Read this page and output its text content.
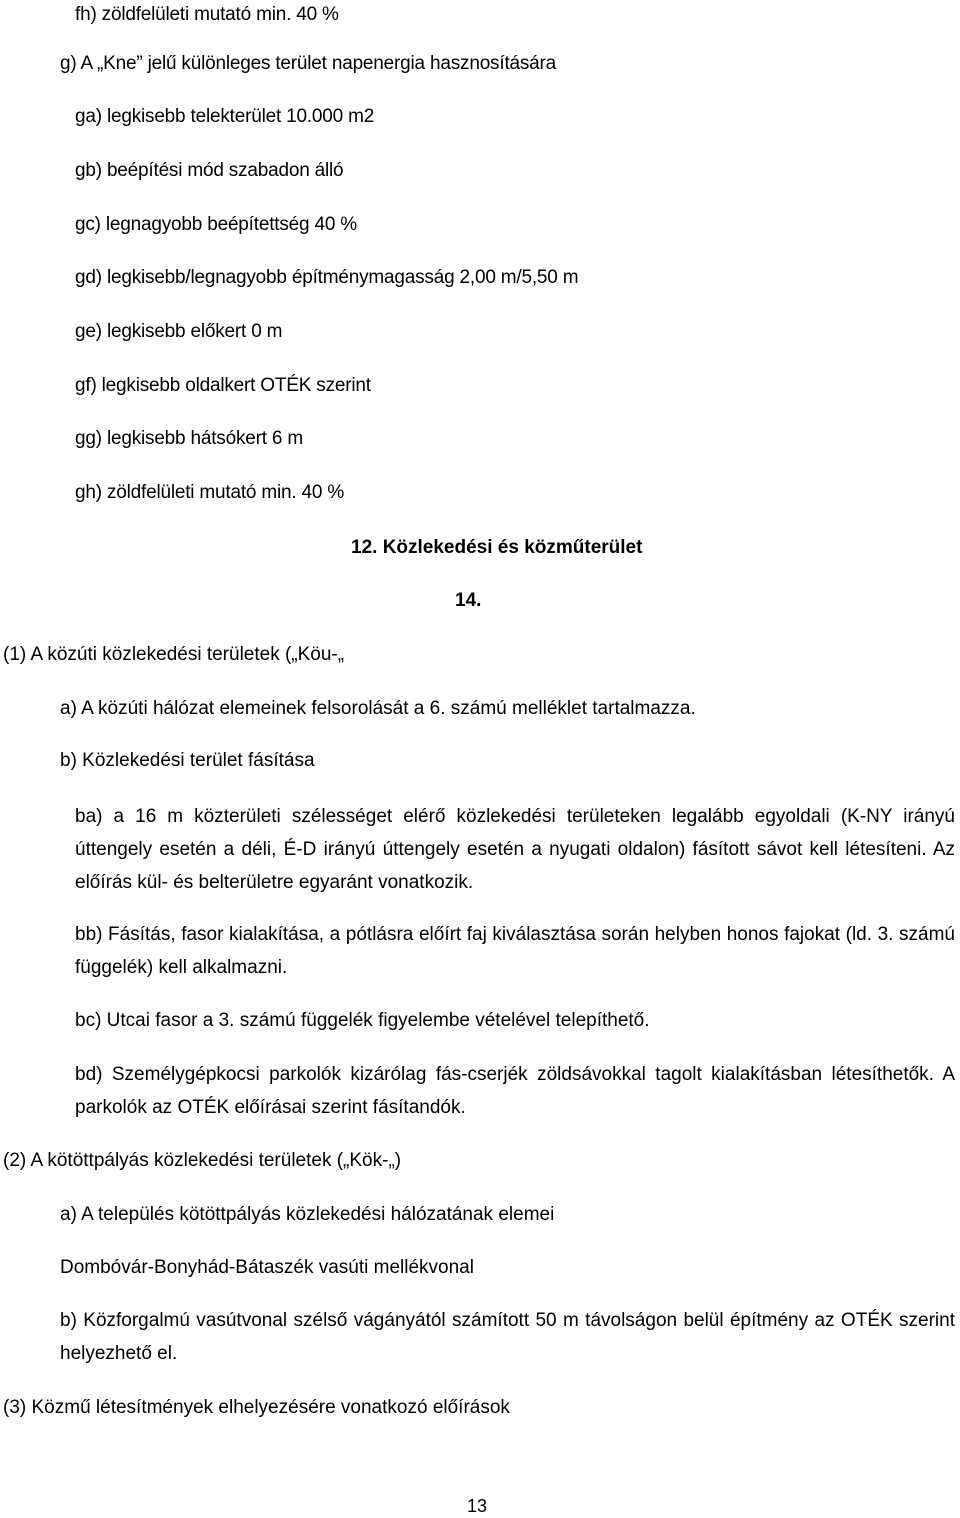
fh) zöldfelületi mutató min. 40 %

g) A „Kne” jelű különleges terület napenergia hasznosítására

ga) legkisebb telekterület 10.000 m2

gb) beépítési mód szabadon álló

gc) legnagyobb beépítettség 40 %

gd) legkisebb/legnagyobb építménymagasság 2,00 m/5,50 m

ge) legkisebb előkert 0 m

gf) legkisebb oldalkert OTÉK szerint

gg) legkisebb hátsókert 6 m

gh) zöldfelületi mutató min. 40 %

12. Közlekedési és közműterület

14.

(1) A közúti közlekedési területek („Köu-„

a) A közúti hálózat elemeinek felsorolását a 6. számú melléklet tartalmazza.

b) Közlekedési terület fásítása

ba) a 16 m közterületi szélességet elérő közlekedési területeken legalább egyoldali (K-NY irányú úttengely esetén a déli, É-D irányú úttengely esetén a nyugati oldalon) fásított sávot kell létesíteni. Az előírás kül- és belterületre egyaránt vonatkozik.

bb) Fásítás, fasor kialakítása, a pótlásra előírt faj kiválasztása során helyben honos fajokat (ld. 3. számú függelék) kell alkalmazni.

bc) Utcai fasor a 3. számú függelék figyelembe vételével telepíthető.

bd) Személygépkocsi parkolók kizárólag fás-cserjék zöldsávokkal tagolt kialakításban létesíthetők. A parkolók az OTÉK előírásai szerint fásítandók.

(2) A kötöttpályás közlekedési területek („Kök-„)

a) A település kötöttpályás közlekedési hálózatának elemei

Dombóvár-Bonyhád-Bátaszék vasúti mellékvonal

b) Közforgalmú vasútvonal szélső vágányától számított 50 m távolságon belül építmény az OTÉK szerint helyezhető el.

(3) Közmű létesítmények elhelyezésére vonatkozó előírások

13
